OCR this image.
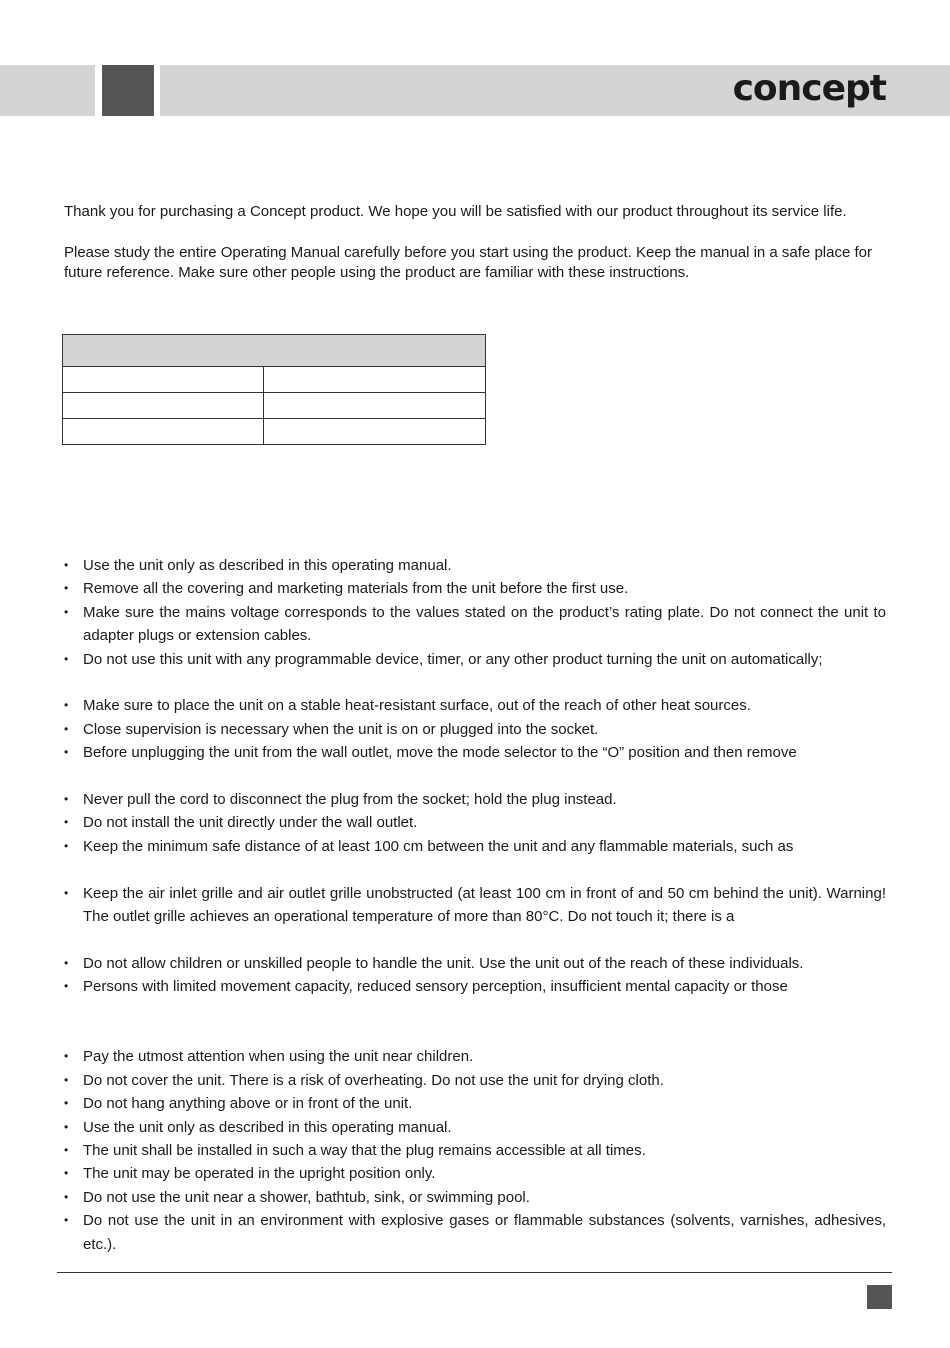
concept

Thank you for purchasing a Concept product. We hope you will be satisfied with our product throughout its service life.

Please study the entire Operating Manual carefully before you start using the product. Keep the manual in a safe place for future reference. Make sure other people using the product are familiar with these instructions.

• Use the unit only as described in this operating manual.
• Remove all the covering and marketing materials from the unit before the first use.
• Make sure the mains voltage corresponds to the values stated on the product’s rating plate. Do not connect the unit to adapter plugs or extension cables.
• Do not use this unit with any programmable device, timer, or any other product turning the unit on automatically;
• Make sure to place the unit on a stable heat-resistant surface, out of the reach of other heat sources.
• Close supervision is necessary when the unit is on or plugged into the socket.
• Before unplugging the unit from the wall outlet, move the mode selector to the “O” position and then remove
• Never pull the cord to disconnect the plug from the socket; hold the plug instead.
• Do not install the unit directly under the wall outlet.
• Keep the minimum safe distance of at least 100 cm between the unit and any flammable materials, such as
• Keep the air inlet grille and air outlet grille unobstructed (at least 100 cm in front of and 50 cm behind the unit). Warning! The outlet grille achieves an operational temperature of more than 80°C. Do not touch it; there is a
• Do not allow children or unskilled people to handle the unit. Use the unit out of the reach of these individuals.
• Persons with limited movement capacity, reduced sensory perception, insufficient mental capacity or those
• Pay the utmost attention when using the unit near children.
• Do not cover the unit. There is a risk of overheating. Do not use the unit for drying cloth.
• Do not hang anything above or in front of the unit.
• Use the unit only as described in this operating manual.
• The unit shall be installed in such a way that the plug remains accessible at all times.
• The unit may be operated in the upright position only.
• Do not use the unit near a shower, bathtub, sink, or swimming pool.
• Do not use the unit in an environment with explosive gases or flammable substances (solvents, varnishes, adhesives, etc.).
